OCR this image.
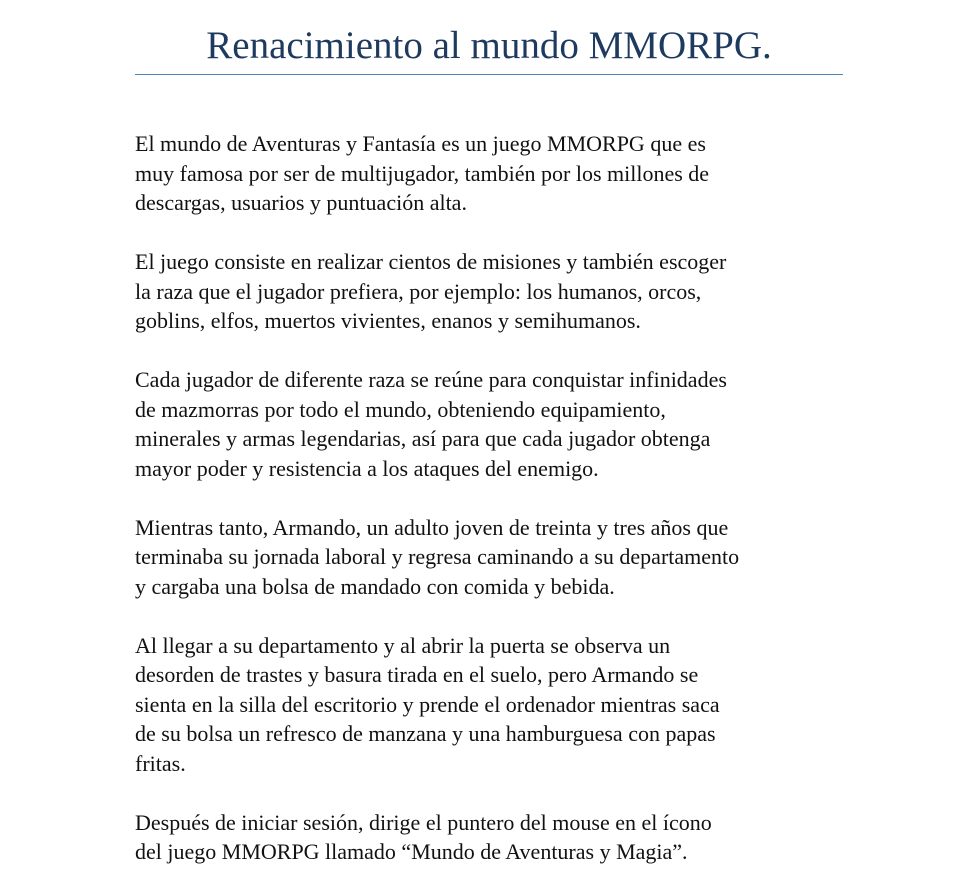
Renacimiento al mundo MMORPG.

El mundo de Aventuras y Fantasía es un juego MMORPG que es
muy famosa por ser de multijugador, también por los millones de
descargas, usuarios y puntuación alta.

El juego consiste en realizar cientos de misiones y también escoger
la raza que el jugador prefiera, por ejemplo: los humanos, orcos,
goblins, elfos, muertos vivientes, enanos y semihumanos.

Cada jugador de diferente raza se reúne para conquistar infinidades
de mazmorras por todo el mundo, obteniendo equipamiento,
minerales y armas legendarias, así para que cada jugador obtenga
mayor poder y resistencia a los ataques del enemigo.

Mientras tanto, Armando, un adulto joven de treinta y tres años que
terminaba su jornada laboral y regresa caminando a su departamento
y cargaba una bolsa de mandado con comida y bebida.

Al llegar a su departamento y al abrir la puerta se observa un
desorden de trastes y basura tirada en el suelo, pero Armando se
sienta en la silla del escritorio y prende el ordenador mientras saca
de su bolsa un refresco de manzana y una hamburguesa con papas
fritas.

Después de iniciar sesión, dirige el puntero del mouse en el ícono
del juego MMORPG llamado “Mundo de Aventuras y Magia”.
